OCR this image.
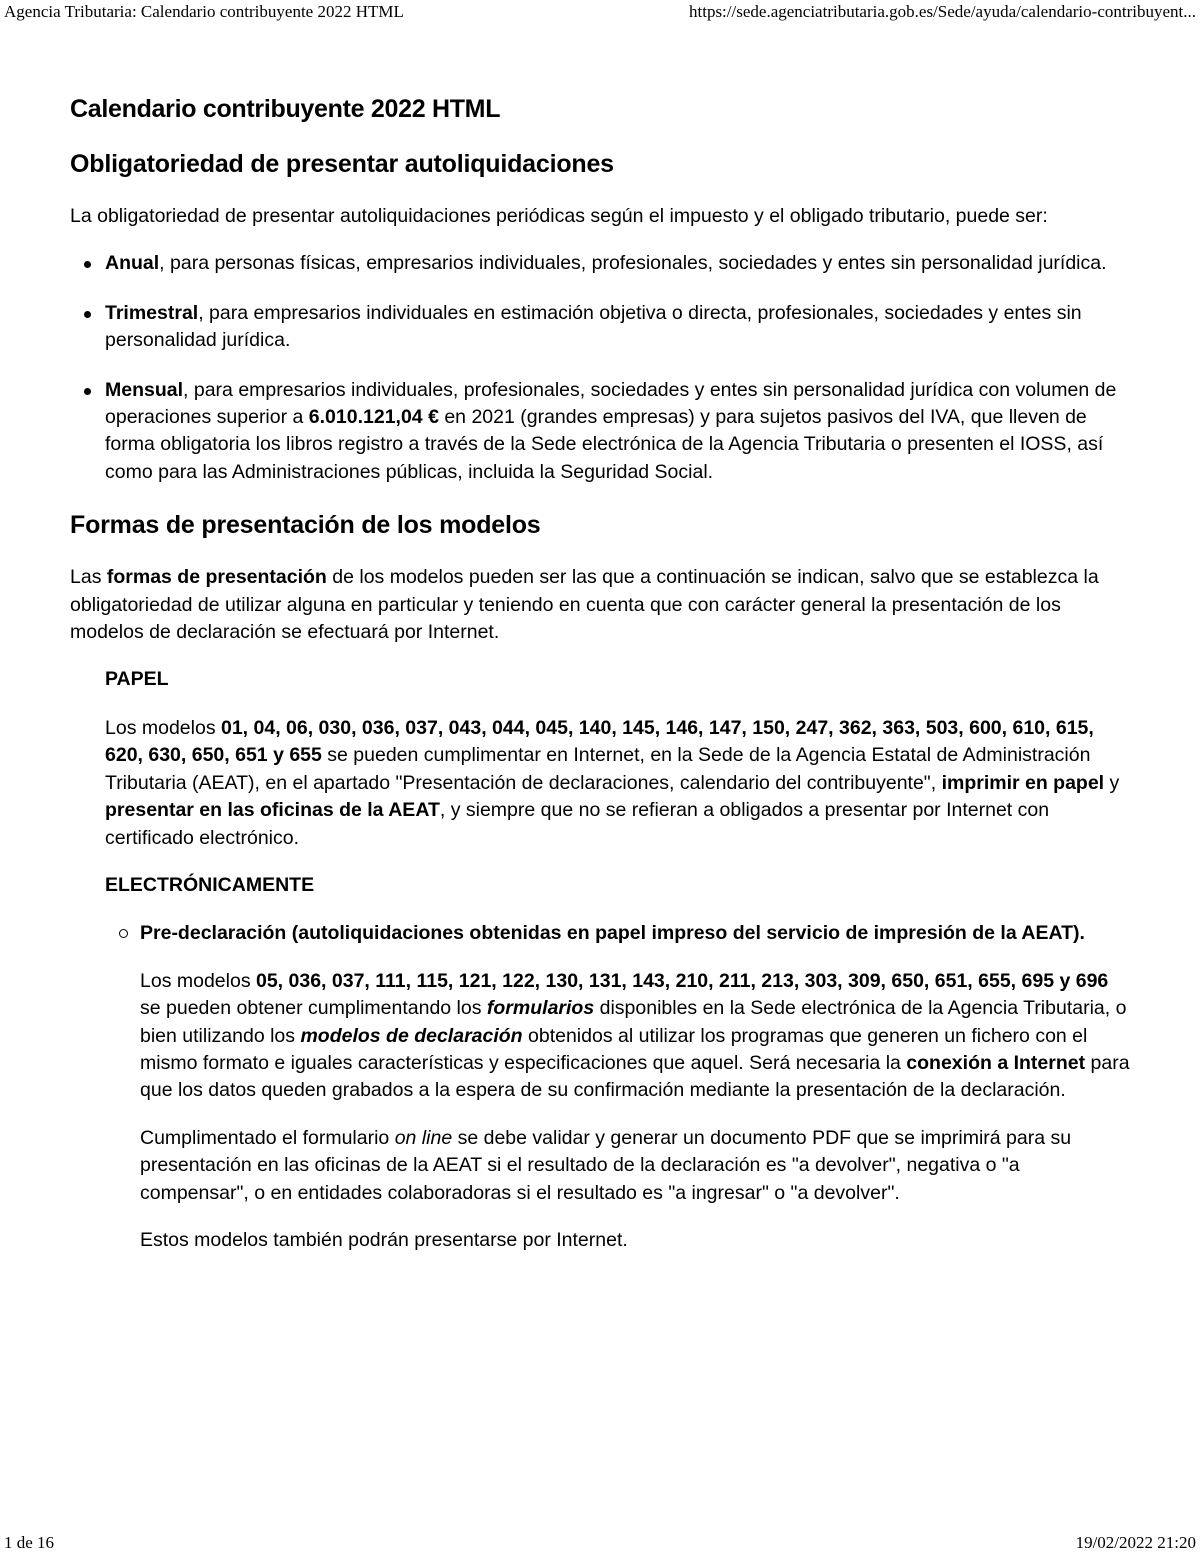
Agencia Tributaria: Calendario contribuyente 2022 HTML	https://sede.agenciatributaria.gob.es/Sede/ayuda/calendario-contribuyent...
Calendario contribuyente 2022 HTML
Obligatoriedad de presentar autoliquidaciones

La obligatoriedad de presentar autoliquidaciones periódicas según el impuesto y el obligado tributario, puede ser:

Anual, para personas físicas, empresarios individuales, profesionales, sociedades y entes sin personalidad jurídica.
Trimestral, para empresarios individuales en estimación objetiva o directa, profesionales, sociedades y entes sin personalidad jurídica.
Mensual, para empresarios individuales, profesionales, sociedades y entes sin personalidad jurídica con volumen de operaciones superior a 6.010.121,04 € en 2021 (grandes empresas) y para sujetos pasivos del IVA, que lleven de forma obligatoria los libros registro a través de la Sede electrónica de la Agencia Tributaria o presenten el IOSS, así como para las Administraciones públicas, incluida la Seguridad Social.
Formas de presentación de los modelos

Las formas de presentación de los modelos pueden ser las que a continuación se indican, salvo que se establezca la obligatoriedad de utilizar alguna en particular y teniendo en cuenta que con carácter general la presentación de los modelos de declaración se efectuará por Internet.

PAPEL

Los modelos 01, 04, 06, 030, 036, 037, 043, 044, 045, 140, 145, 146, 147, 150, 247, 362, 363, 503, 600, 610, 615, 620, 630, 650, 651 y 655 se pueden cumplimentar en Internet, en la Sede de la Agencia Estatal de Administración Tributaria (AEAT), en el apartado "Presentación de declaraciones, calendario del contribuyente", imprimir en papel y presentar en las oficinas de la AEAT, y siempre que no se refieran a obligados a presentar por Internet con certificado electrónico.

ELECTRÓNICAMENTE
Pre-declaración (autoliquidaciones obtenidas en papel impreso del servicio de impresión de la AEAT).

Los modelos 05, 036, 037, 111, 115, 121, 122, 130, 131, 143, 210, 211, 213, 303, 309, 650, 651, 655, 695 y 696 se pueden obtener cumplimentando los formularios disponibles en la Sede electrónica de la Agencia Tributaria, o bien utilizando los modelos de declaración obtenidos al utilizar los programas que generen un fichero con el mismo formato e iguales características y especificaciones que aquel. Será necesaria la conexión a Internet para que los datos queden grabados a la espera de su confirmación mediante la presentación de la declaración.

Cumplimentado el formulario on line se debe validar y generar un documento PDF que se imprimirá para su presentación en las oficinas de la AEAT si el resultado de la declaración es "a devolver", negativa o "a compensar", o en entidades colaboradoras si el resultado es "a ingresar" o "a devolver".

Estos modelos también podrán presentarse por Internet.

1 de 16	19/02/2022 21:20
